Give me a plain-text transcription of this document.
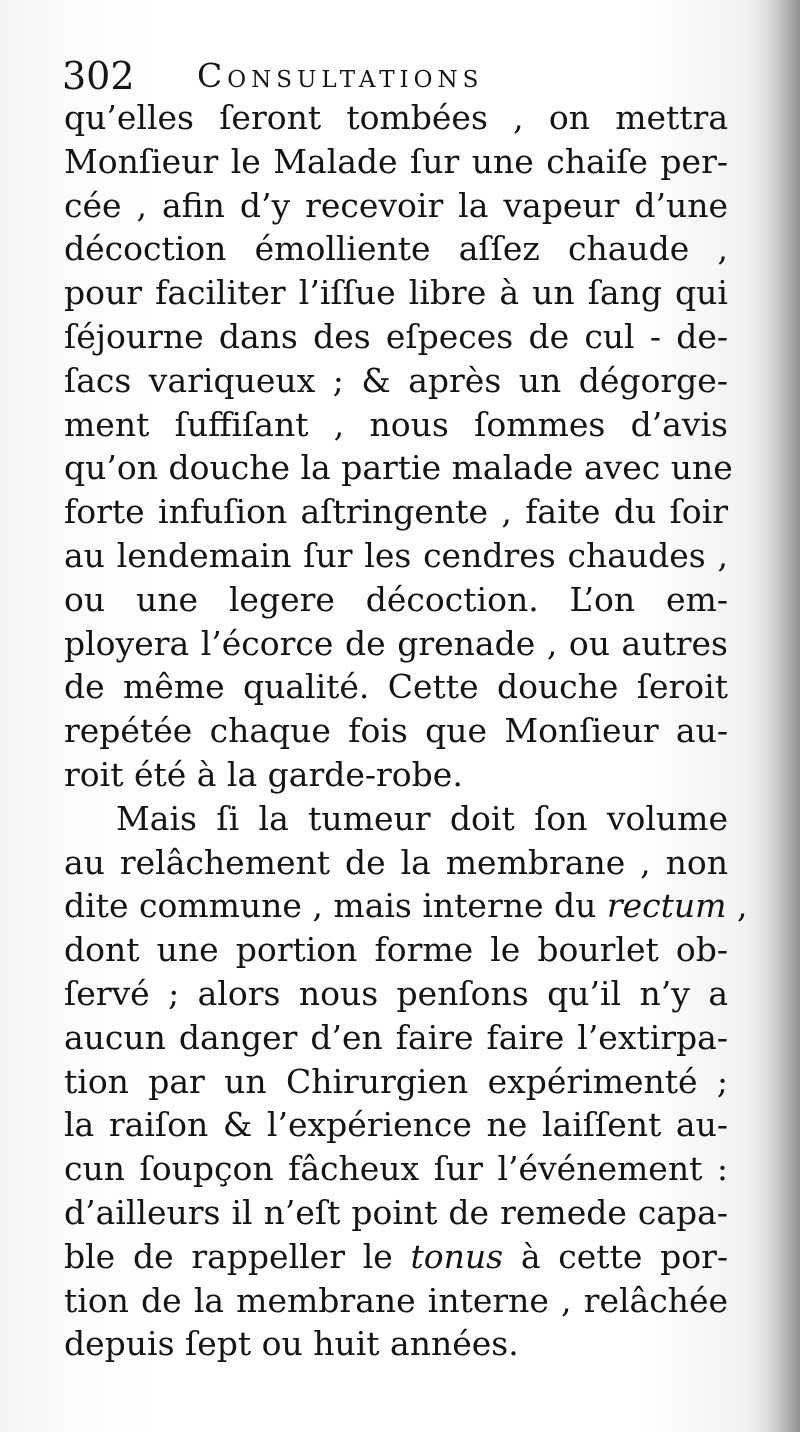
302 Consultations
qu’elles ſeront tombées , on mettra
Monſieur le Malade ſur une chaiſe per-
cée , afin d’y recevoir la vapeur d’une
décoction émolliente aſſez chaude ,
pour faciliter l’iſſue libre à un ſang qui
ſéjourne dans des eſpeces de cul - de-
ſacs variqueux ; & après un dégorge-
ment ſuffiſant , nous ſommes d’avis
qu’on douche la partie malade avec une
forte infuſion aſtringente , faite du ſoir
au lendemain ſur les cendres chaudes ,
ou une legere décoction. L’on em-
ployera l’écorce de grenade , ou autres
de même qualité. Cette douche ſeroit
repétée chaque fois que Monſieur au-
roit été à la garde-robe.
Mais ſi la tumeur doit ſon volume
au relâchement de la membrane , non
dite commune , mais interne du rectum ,
dont une portion forme le bourlet ob-
ſervé ; alors nous penſons qu’il n’y a
aucun danger d’en faire faire l’extirpa-
tion par un Chirurgien expérimenté ;
la raiſon & l’expérience ne laiſſent au-
cun ſoupçon fâcheux ſur l’événement :
d’ailleurs il n’eſt point de remede capa-
ble de rappeller le tonus à cette por-
tion de la membrane interne , relâchée
depuis ſept ou huit années.
